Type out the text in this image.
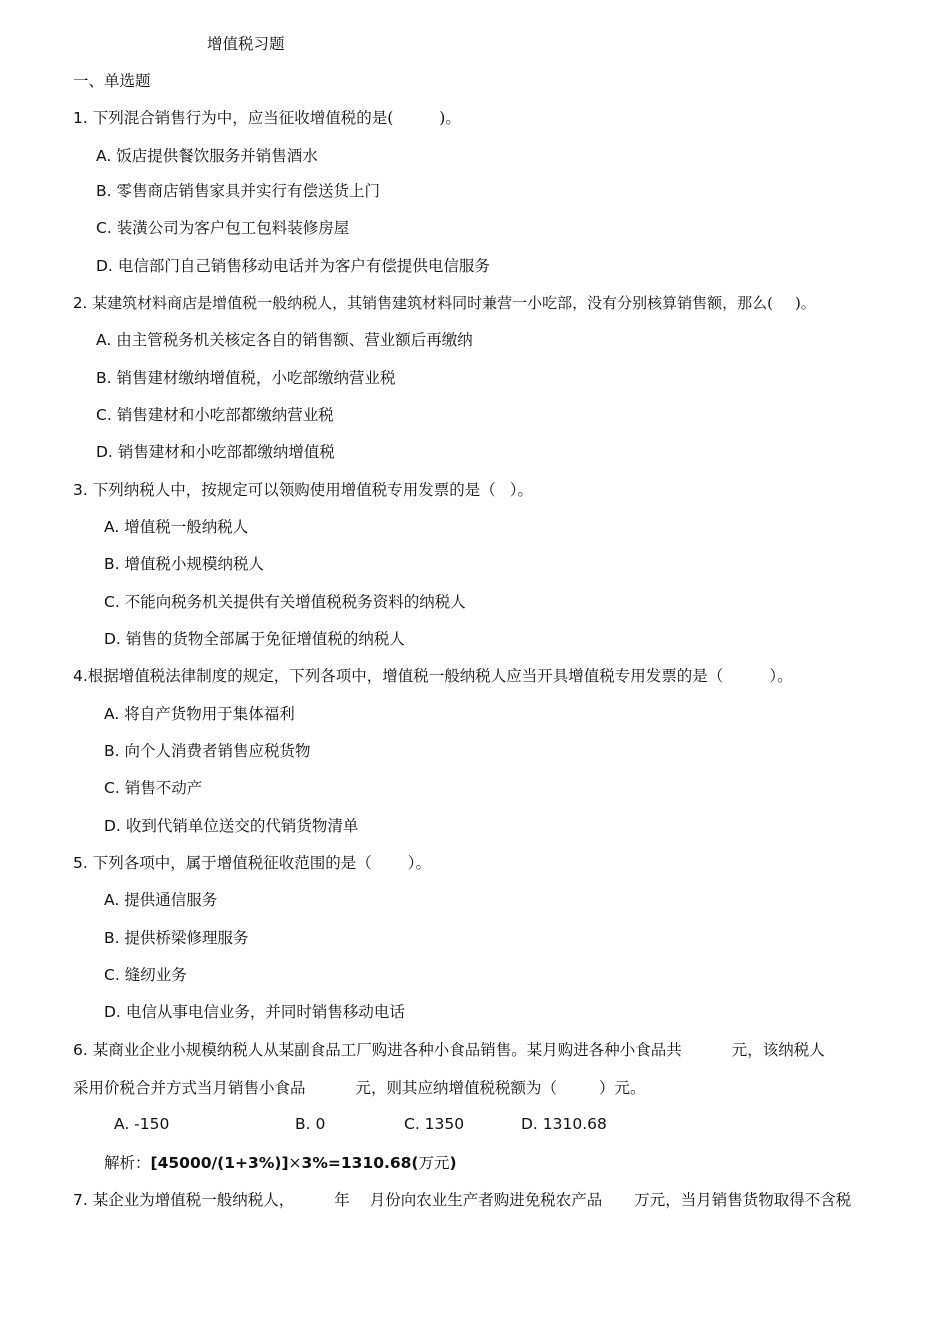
增值税习题
一、单选题
1. 下列混合销售行为中，应当征收增值税的是(	)。
A. 饭店提供餐饮服务并销售酒水
B. 零售商店销售家具并实行有偿送货上门
C. 装潢公司为客户包工包料装修房屋
D. 电信部门自己销售移动电话并为客户有偿提供电信服务
2. 某建筑材料商店是增值税一般纳税人，其销售建筑材料同时兼营一小吃部，没有分别核算销售额，那么( )。
A. 由主管税务机关核定各自的销售额、营业额后再缴纳
B. 销售建材缴纳增值税，小吃部缴纳营业税
C. 销售建材和小吃部都缴纳营业税
D. 销售建材和小吃部都缴纳增值税
3. 下列纳税人中，按规定可以领购使用增值税专用发票的是（ ）。
A. 增值税一般纳税人
B. 增值税小规模纳税人
C. 不能向税务机关提供有关增值税税务资料的纳税人
D. 销售的货物全部属于免征增值税的纳税人
4.根据增值税法律制度的规定，下列各项中，增值税一般纳税人应当开具增值税专用发票的是（	）。
A. 将自产货物用于集体福利
B. 向个人消费者销售应税货物
C. 销售不动产
D. 收到代销单位送交的代销货物清单
5. 下列各项中，属于增值税征收范围的是（ ）。
A. 提供通信服务
B. 提供桥梁修理服务
C. 缝纫业务
D. 电信从事电信业务，并同时销售移动电话
6. 某商业企业小规模纳税人从某副食品工厂购进各种小食品销售。某月购进各种小食品共	元，该纳税人
采用价税合并方式当月销售小食品	元，则其应纳增值税税额为（	）元。
A. -150	B. 0	C. 1350	D. 1310.68
解析：[45000/(1+3%)]×3%=1310.68(万元)
7. 某企业为增值税一般纳税人，	年 月份向农业生产者购进免税农产品 万元，当月销售货物取得不含税
